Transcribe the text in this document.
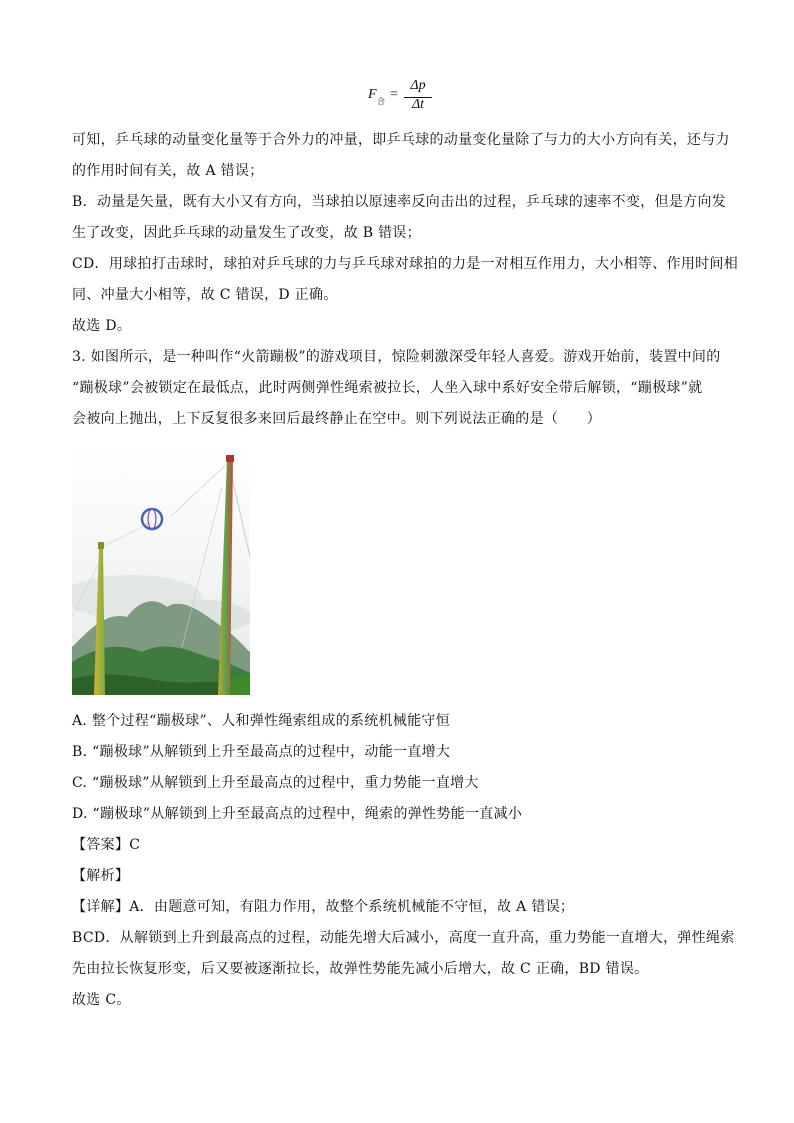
F 合 =
Δp
Δt
可知，乒乓球的动量变化量等于合外力的冲量，即乒乓球的动量变化量除了与力的大小方向有关，还与力
的作用时间有关，故 A 错误；
B．动量是矢量，既有大小又有方向，当球拍以原速率反向击出的过程，乒乓球的速率不变，但是方向发
生了改变，因此乒乓球的动量发生了改变，故 B 错误；
CD．用球拍打击球时，球拍对乒乓球的力与乒乓球对球拍的力是一对相互作用力，大小相等、作用时间相
同、冲量大小相等，故 C 错误，D 正确。
故选 D。
3. 如图所示，是一种叫作“火箭蹦极”的游戏项目，惊险刺激深受年轻人喜爱。游戏开始前，装置中间的
“蹦极球”会被锁定在最低点，此时两侧弹性绳索被拉长，人坐入球中系好安全带后解锁，“蹦极球”就
会被向上抛出，上下反复很多来回后最终静止在空中。则下列说法正确的是（　　）
A. 整个过程“蹦极球”、人和弹性绳索组成的系统机械能守恒
B. “蹦极球”从解锁到上升至最高点的过程中，动能一直增大
C. “蹦极球”从解锁到上升至最高点的过程中，重力势能一直增大
D. “蹦极球”从解锁到上升至最高点的过程中，绳索的弹性势能一直减小
【答案】C
【解析】
【详解】A．由题意可知，有阻力作用，故整个系统机械能不守恒，故 A 错误；
BCD．从解锁到上升到最高点的过程，动能先增大后减小，高度一直升高，重力势能一直增大，弹性绳索
先由拉长恢复形变，后又要被逐渐拉长，故弹性势能先减小后增大，故 C 正确，BD 错误。
故选 C。
